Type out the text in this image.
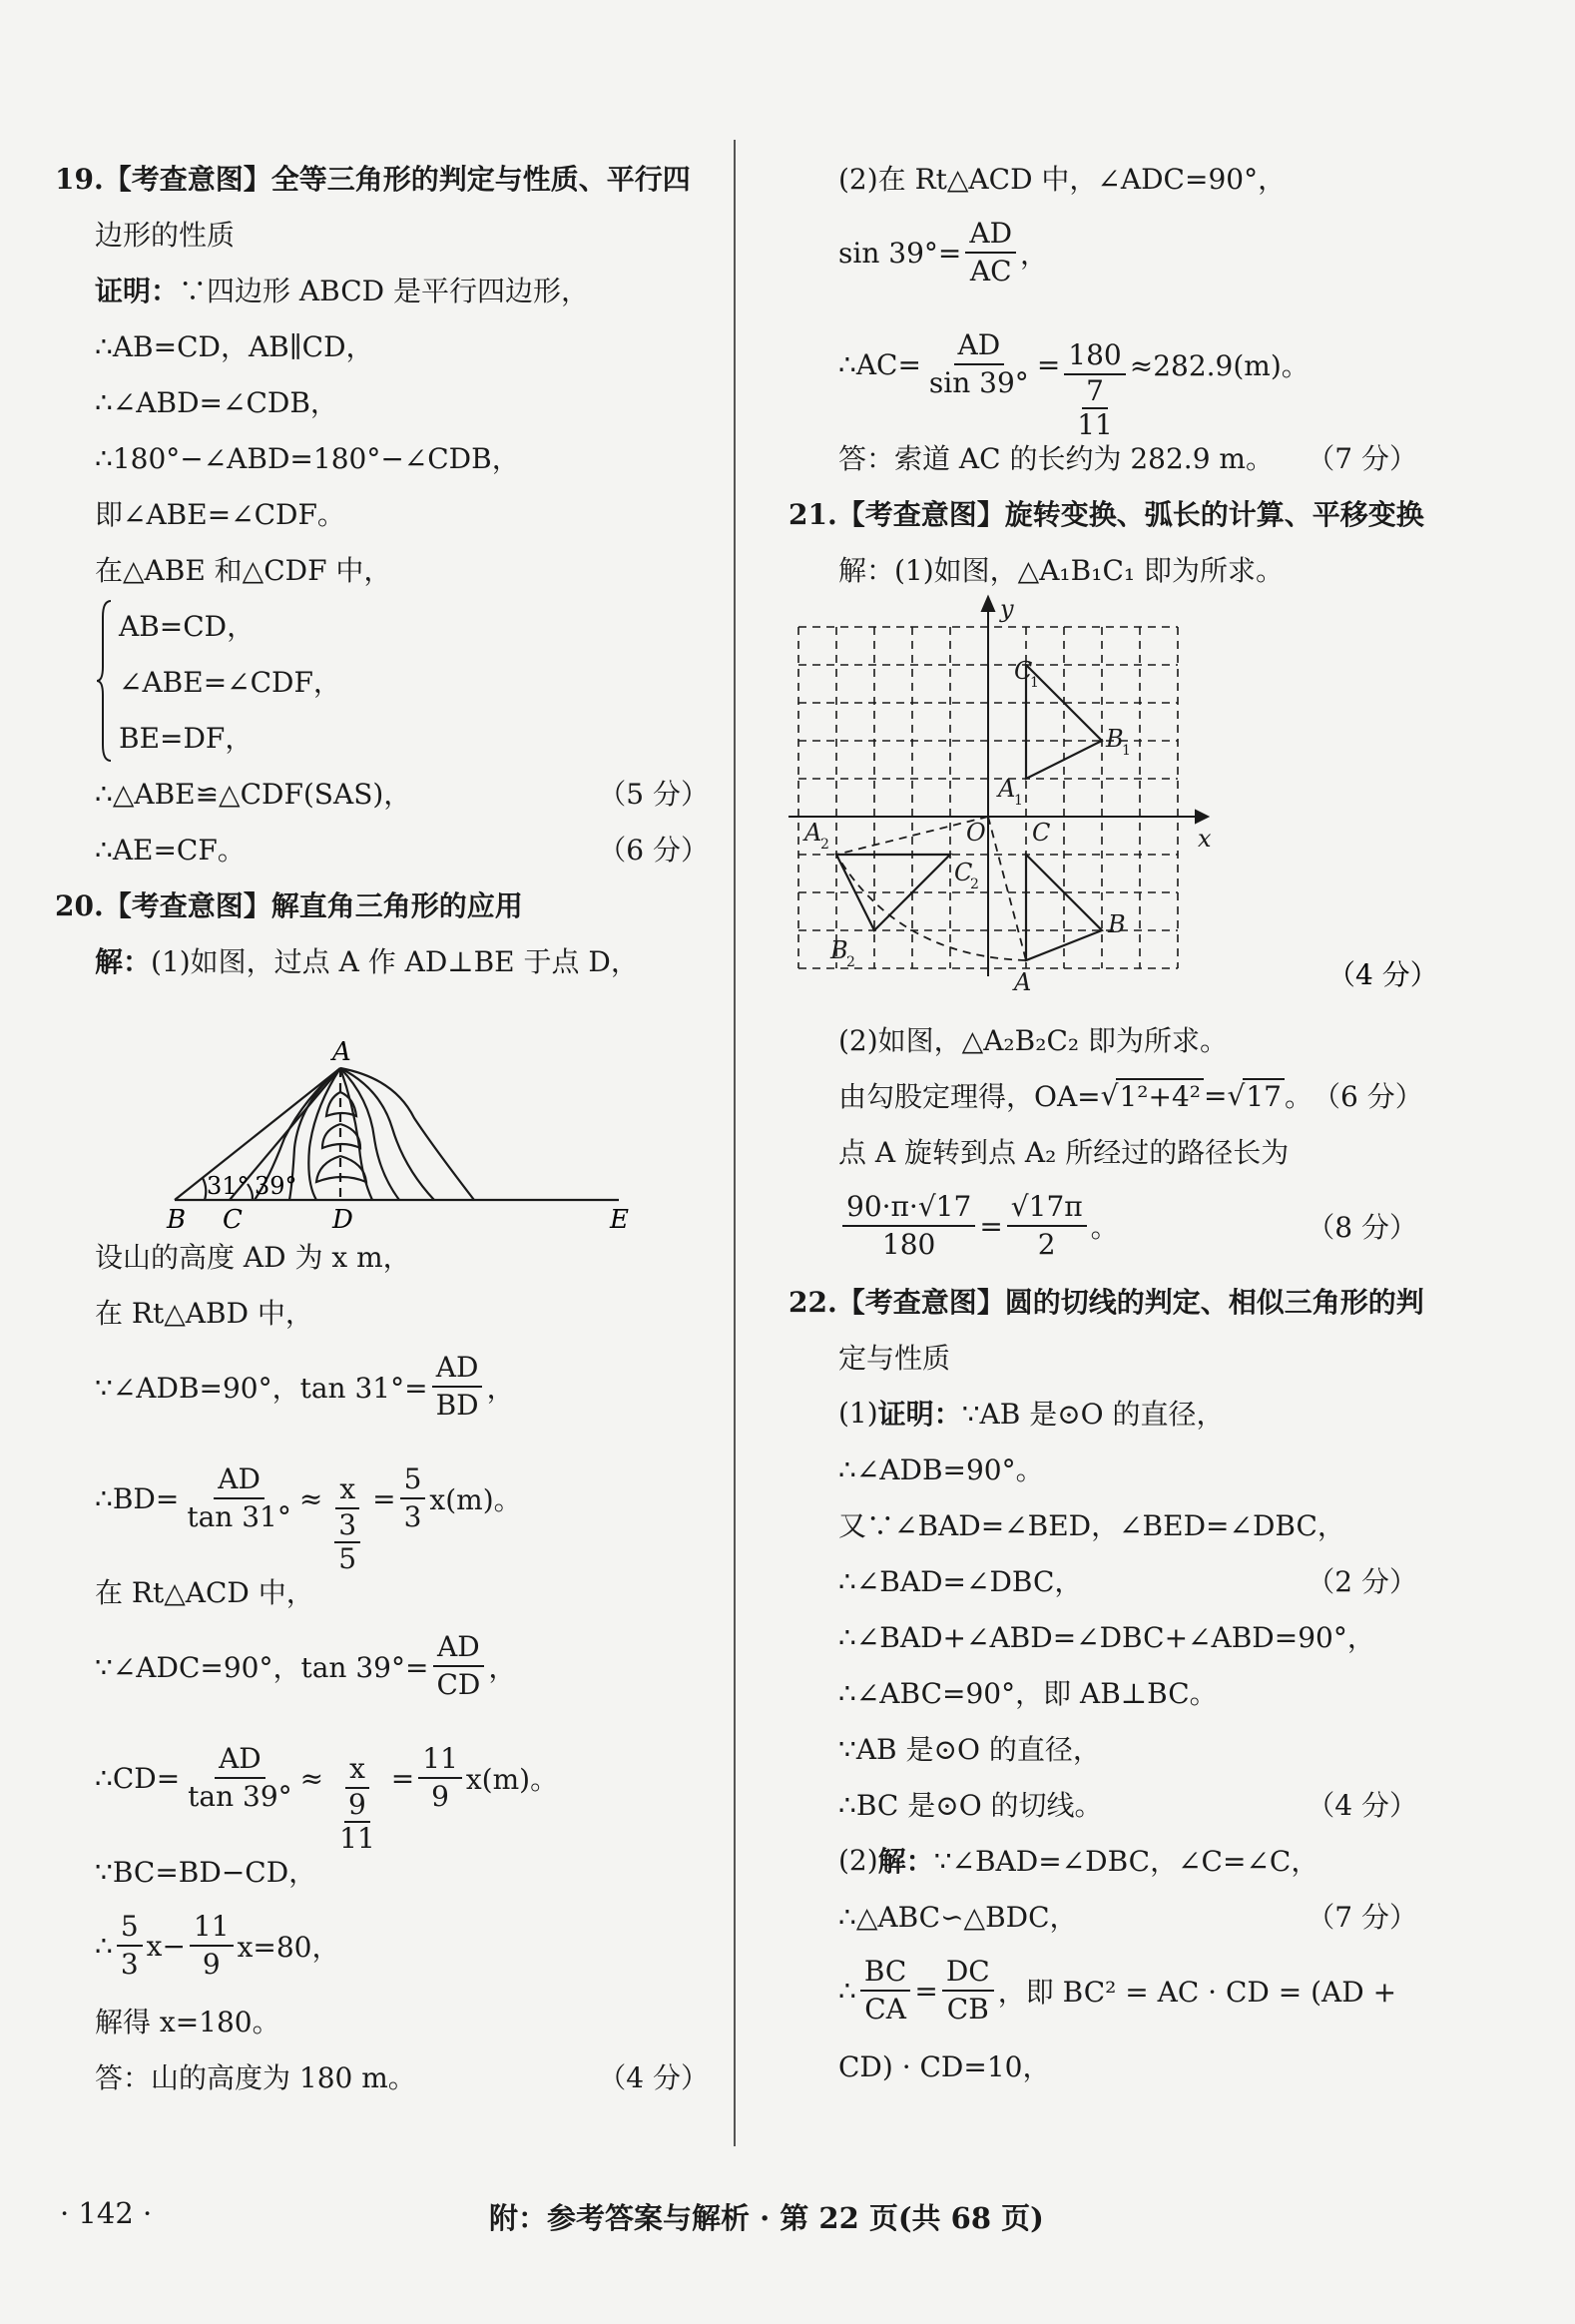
19.【考查意图】全等三角形的判定与性质、平行四
边形的性质
证明： ∵四边形 ABCD 是平行四边形，
∴AB=CD，AB∥CD，
∴∠ABD=∠CDB，
∴180°−∠ABD=180°−∠CDB，
即∠ABE=∠CDF。
在△ABE 和△CDF 中，
AB=CD，
∠ABE=∠CDF，
BE=DF，
∴△ABE≌△CDF(SAS)，	（5 分）
∴AE=CF。	（6 分）
20.【考查意图】解直角三角形的应用
解： (1)如图，过点 A 作 AD⊥BE 于点 D，
A
B C	D	E
31° 39°
设山的高度 AD 为 x m，
在 Rt△ABD 中，
∵∠ADB=90°，$\tan 31^\circ= \frac{AD}{BD}$ ，
∴BD= $\frac{AD}{\tan 31^\circ} \approx \frac{x}{\frac{3}{5}} = \frac{5}{3} x(m)$。
在 Rt△ACD 中，
∵∠ADC=90°，$\tan 39^\circ= \frac{AD}{CD}$ ，
∴CD= $\frac{AD}{\tan 39^\circ} \approx \frac{x}{\frac{9}{11}} = \frac{11}{9} x(m)$。
∵BC=BD−CD，
∴ $\frac{5}{3} x- \frac{11}{9} x=80$，
解得 x=180。
答：山的高度为 180 m。	（4 分）
(2)在 Rt△ACD 中，∠ADC=90°，
$\sin 39^\circ= \frac{AD}{AC}$ ，
∴AC= $\frac{AD}{\sin 39^\circ} = \frac{180}{\frac{7}{11}} \approx 282.9(m)$。
答：索道 AC 的长约为 282.9 m。 （7 分）
21.【考查意图】旋转变换、弧长的计算、平移变换
解：(1)如图，△A₁B₁C₁ 即为所求。
x
y
O
C
1
B
1
A
1
C
B
A
A
2
C
2
B
2	（4 分）
(2)如图，△A₂B₂C₂ 即为所求。
由勾股定理得，OA= √ 1²+4² = √ 17 。 （6 分）
点 A 旋转到点 A₂ 所经过的路径长为
$\frac{90\cdot\pi\cdot√17}{180} = \frac{√17\pi}{2}$ 。	（8 分）
22.【考查意图】圆的切线的判定、相似三角形的判
定与性质
(1) 证明： ∵AB 是⊙O 的直径，
∴∠ADB=90°。
又∵∠BAD=∠BED，∠BED=∠DBC，
∴∠BAD=∠DBC，	（2 分）
∴∠BAD+∠ABD=∠DBC+∠ABD=90°，
∴∠ABC=90°，即 AB⊥BC。
∵AB 是⊙O 的直径，
∴BC 是⊙O 的切线。	（4 分）
(2) 解： ∵∠BAD=∠DBC，∠C=∠C，
∴△ABC∽△BDC，	（7 分）
∴ $\frac{BC}{CA} = \frac{DC}{CB}$ ，即 BC² = AC · CD = (AD +
CD) · CD=10，
· 142 ·	附：参考答案与解析 · 第 22 页(共 68 页)
